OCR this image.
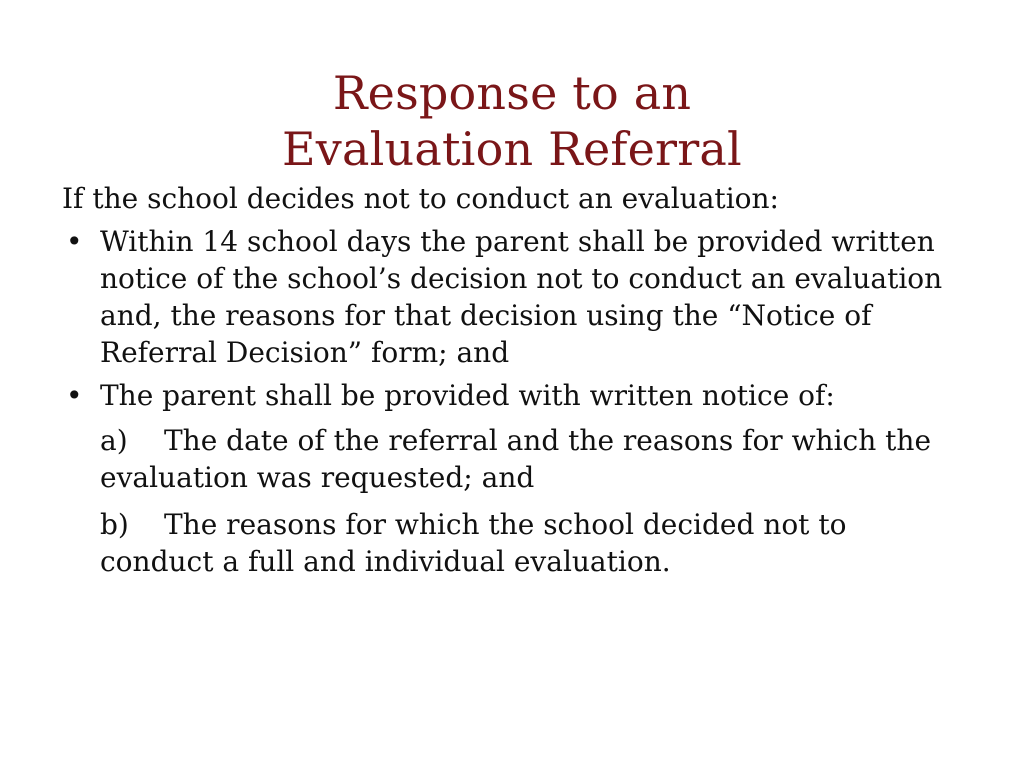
Response to an
Evaluation Referral

If the school decides not to conduct an evaluation:

• Within 14 school days the parent shall be provided written notice of the school’s decision not to conduct an evaluation and, the reasons for that decision using the “Notice of Referral Decision” form; and
• The parent shall be provided with written notice of:
a) The date of the referral and the reasons for which the evaluation was requested; and
b) The reasons for which the school decided not to conduct a full and individual evaluation.
